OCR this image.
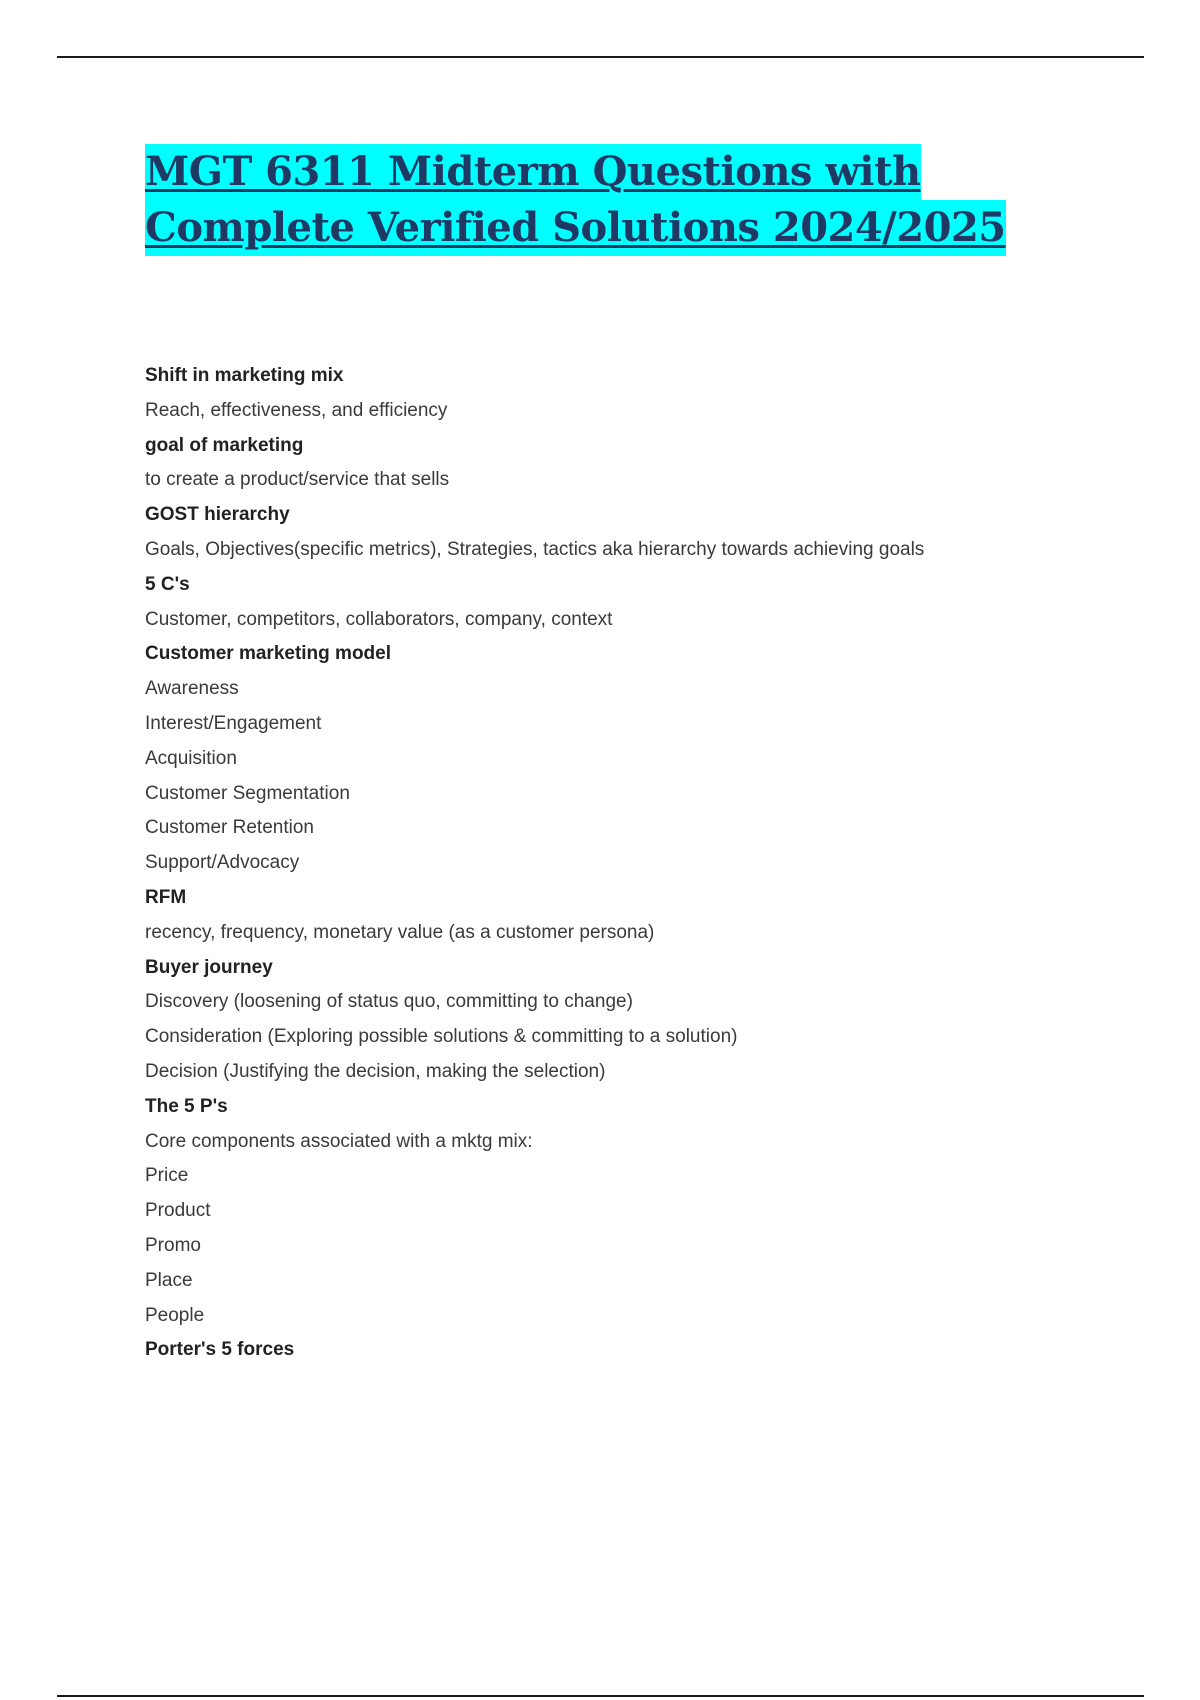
MGT 6311 Midterm Questions with
Complete Verified Solutions 2024/2025
Shift in marketing mix
Reach, effectiveness, and efficiency
goal of marketing
to create a product/service that sells
GOST hierarchy
Goals, Objectives(specific metrics), Strategies, tactics aka hierarchy towards achieving goals
5 C's
Customer, competitors, collaborators, company, context
Customer marketing model
Awareness
Interest/Engagement
Acquisition
Customer Segmentation
Customer Retention
Support/Advocacy
RFM
recency, frequency, monetary value (as a customer persona)
Buyer journey
Discovery (loosening of status quo, committing to change)
Consideration (Exploring possible solutions & committing to a solution)
Decision (Justifying the decision, making the selection)
The 5 P's
Core components associated with a mktg mix:
Price
Product
Promo
Place
People
Porter's 5 forces
